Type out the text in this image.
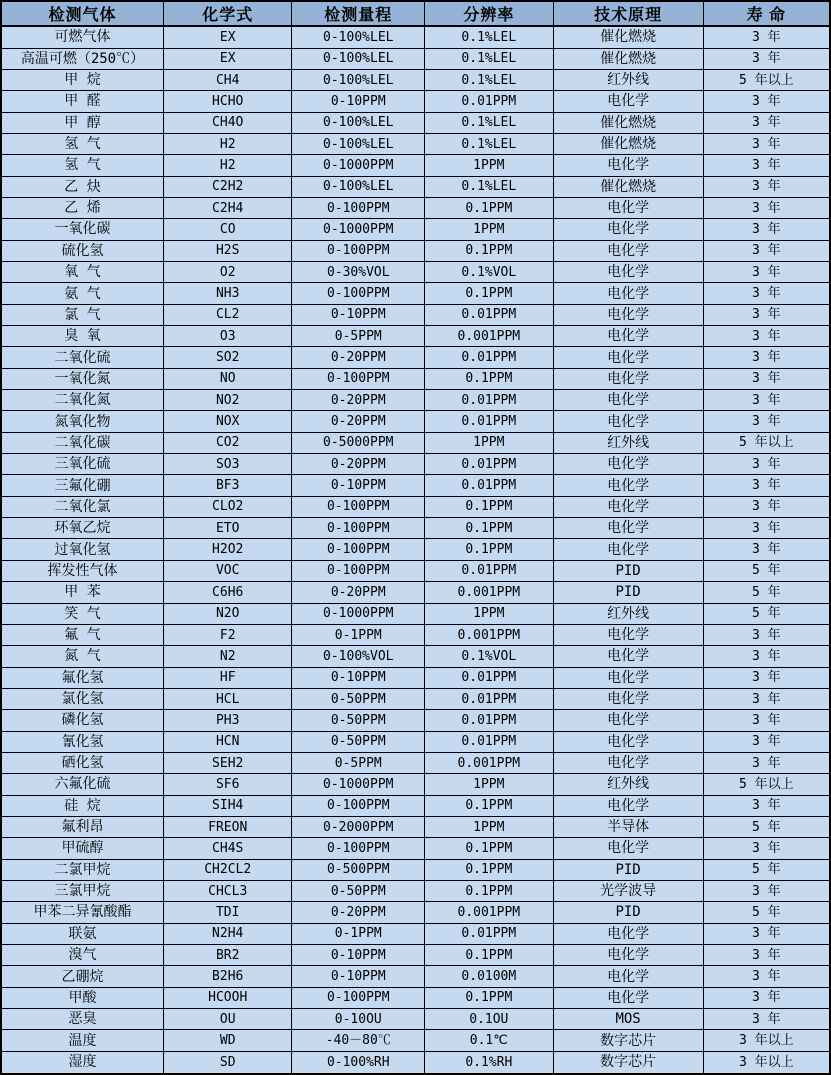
检测气体	化学式	检测量程	分辨率	技术原理	寿 命
可燃气体	EX	0-100%LEL	0.1%LEL	催化燃烧	3 年
高温可燃（250℃）	EX	0-100%LEL	0.1%LEL	催化燃烧	3 年
甲 烷	CH4	0-100%LEL	0.1%LEL	红外线	5 年以上
甲 醛	HCHO	0-10PPM	0.01PPM	电化学	3 年
甲 醇	CH4O	0-100%LEL	0.1%LEL	催化燃烧	3 年
氢 气	H2	0-100%LEL	0.1%LEL	催化燃烧	3 年
氢 气	H2	0-1000PPM	1PPM	电化学	3 年
乙 炔	C2H2	0-100%LEL	0.1%LEL	催化燃烧	3 年
乙 烯	C2H4	0-100PPM	0.1PPM	电化学	3 年
一氧化碳	CO	0-1000PPM	1PPM	电化学	3 年
硫化氢	H2S	0-100PPM	0.1PPM	电化学	3 年
氧 气	O2	0-30%VOL	0.1%VOL	电化学	3 年
氨 气	NH3	0-100PPM	0.1PPM	电化学	3 年
氯 气	CL2	0-10PPM	0.01PPM	电化学	3 年
臭 氧	O3	0-5PPM	0.001PPM	电化学	3 年
二氧化硫	SO2	0-20PPM	0.01PPM	电化学	3 年
一氧化氮	NO	0-100PPM	0.1PPM	电化学	3 年
二氧化氮	NO2	0-20PPM	0.01PPM	电化学	3 年
氮氧化物	NOX	0-20PPM	0.01PPM	电化学	3 年
二氧化碳	CO2	0-5000PPM	1PPM	红外线	5 年以上
三氧化硫	SO3	0-20PPM	0.01PPM	电化学	3 年
三氟化硼	BF3	0-10PPM	0.01PPM	电化学	3 年
二氧化氯	CLO2	0-100PPM	0.1PPM	电化学	3 年
环氧乙烷	ETO	0-100PPM	0.1PPM	电化学	3 年
过氧化氢	H2O2	0-100PPM	0.1PPM	电化学	3 年
挥发性气体	VOC	0-100PPM	0.01PPM	PID	5 年
甲 苯	C6H6	0-20PPM	0.001PPM	PID	5 年
笑 气	N2O	0-1000PPM	1PPM	红外线	5 年
氟 气	F2	0-1PPM	0.001PPM	电化学	3 年
氮 气	N2	0-100%VOL	0.1%VOL	电化学	3 年
氟化氢	HF	0-10PPM	0.01PPM	电化学	3 年
氯化氢	HCL	0-50PPM	0.01PPM	电化学	3 年
磷化氢	PH3	0-50PPM	0.01PPM	电化学	3 年
氰化氢	HCN	0-50PPM	0.01PPM	电化学	3 年
硒化氢	SEH2	0-5PPM	0.001PPM	电化学	3 年
六氟化硫	SF6	0-1000PPM	1PPM	红外线	5 年以上
硅 烷	SIH4	0-100PPM	0.1PPM	电化学	3 年
氟利昂	FREON	0-2000PPM	1PPM	半导体	5 年
甲硫醇	CH4S	0-100PPM	0.1PPM	电化学	3 年
二氯甲烷	CH2CL2	0-500PPM	0.1PPM	PID	5 年
三氯甲烷	CHCL3	0-50PPM	0.1PPM	光学波导	3 年
甲苯二异氰酸酯	TDI	0-20PPM	0.001PPM	PID	5 年
联氨	N2H4	0-1PPM	0.01PPM	电化学	3 年
溴气	BR2	0-10PPM	0.1PPM	电化学	3 年
乙硼烷	B2H6	0-10PPM	0.0100M	电化学	3 年
甲酸	HCOOH	0-100PPM	0.1PPM	电化学	3 年
恶臭	OU	0-10OU	0.1OU	MOS	3 年
温度	WD	-40－80℃	0.1℃	数字芯片	3 年以上
湿度	SD	0-100%RH	0.1%RH	数字芯片	3 年以上
